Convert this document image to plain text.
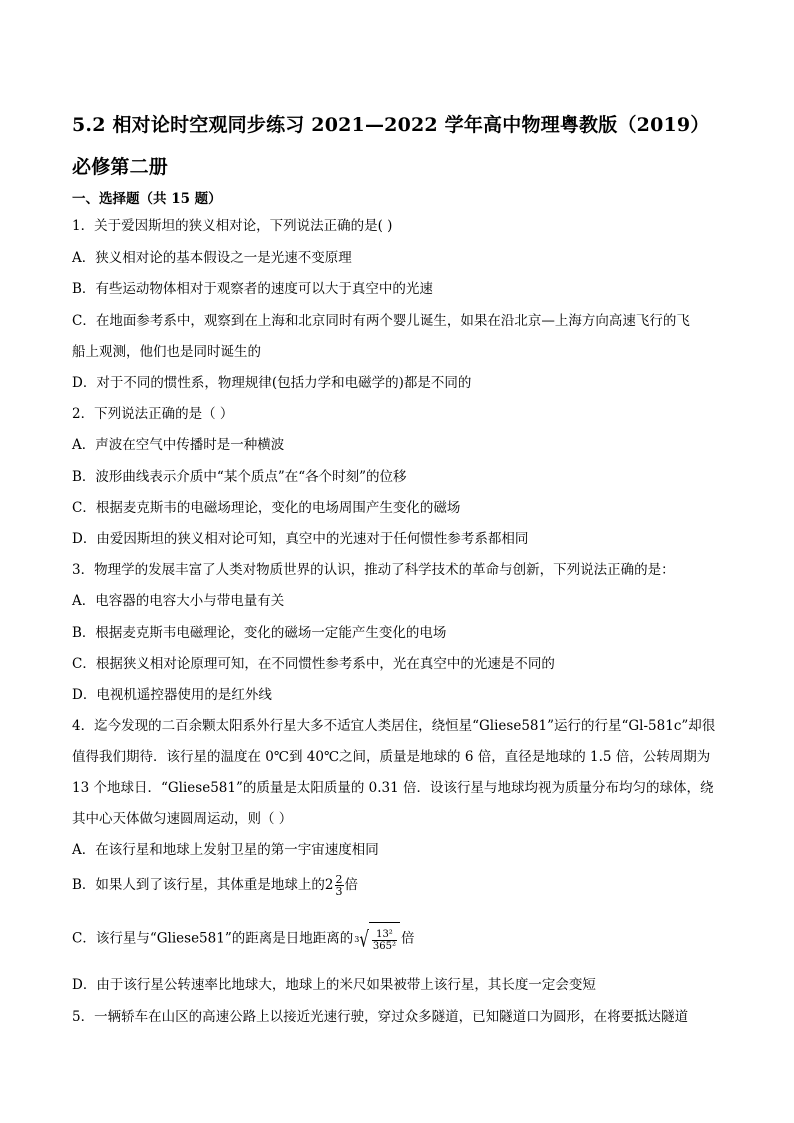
5.2 相对论时空观同步练习 2021—2022 学年高中物理粤教版（2019）
必修第二册
一、选择题（共 15 题）
1．关于爱因斯坦的狭义相对论，下列说法正确的是( )
A．狭义相对论的基本假设之一是光速不变原理
B．有些运动物体相对于观察者的速度可以大于真空中的光速
C．在地面参考系中，观察到在上海和北京同时有两个婴儿诞生，如果在沿北京—上海方向高速飞行的飞
船上观测，他们也是同时诞生的
D．对于不同的惯性系，物理规律(包括力学和电磁学的)都是不同的
2．下列说法正确的是（ ）
A．声波在空气中传播时是一种横波
B．波形曲线表示介质中“某个质点”在“各个时刻”的位移
C．根据麦克斯韦的电磁场理论，变化的电场周围产生变化的磁场
D．由爱因斯坦的狭义相对论可知，真空中的光速对于任何惯性参考系都相同
3．物理学的发展丰富了人类对物质世界的认识，推动了科学技术的革命与创新，下列说法正确的是：
A．电容器的电容大小与带电量有关
B．根据麦克斯韦电磁理论，变化的磁场一定能产生变化的电场
C．根据狭义相对论原理可知，在不同惯性参考系中，光在真空中的光速是不同的
D．电视机遥控器使用的是红外线
4．迄今发现的二百余颗太阳系外行星大多不适宜人类居住，绕恒星“Gliese581”运行的行星“Gl-581c”却很
值得我们期待．该行星的温度在 0℃到 40℃之间，质量是地球的 6 倍，直径是地球的 1.5 倍，公转周期为
13 个地球日．“Gliese581”的质量是太阳质量的 0.31 倍．设该行星与地球均视为质量分布均匀的球体，绕
其中心天体做匀速圆周运动，则（ ）
A．在该行星和地球上发射卫星的第一宇宙速度相同
B．如果人到了该行星，其体重是地球上的$2 \frac{2}{3}$ 倍
C．该行星与“Gliese581”的距离是日地距离的$^3√ \frac{\text{13²}}{\text{365²}}$ 倍
D．由于该行星公转速率比地球大，地球上的米尺如果被带上该行星，其长度一定会变短
5．一辆轿车在山区的高速公路上以接近光速行驶，穿过众多隧道，已知隧道口为圆形，在将要抵达隧道
